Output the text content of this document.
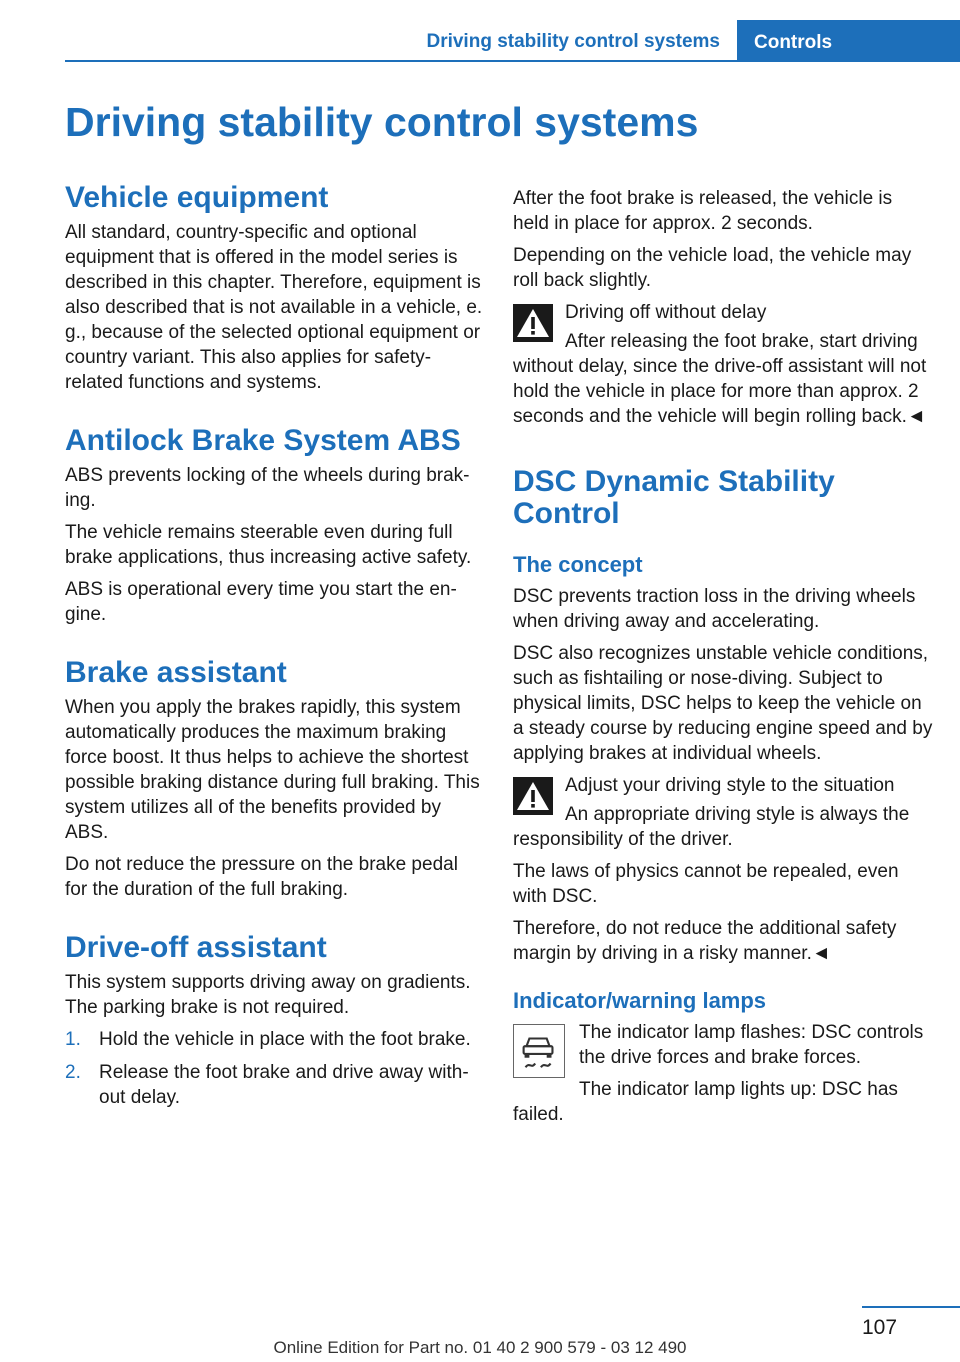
Driving stability control systems	Controls
Driving stability control systems
Vehicle equipment

All standard, country-specific and optional equipment that is offered in the model series is described in this chapter. Therefore, equipment is also described that is not available in a vehicle, e. g., because of the selected optional equipment or country variant. This also applies for safety-related functions and systems.

Antilock Brake System ABS

ABS prevents locking of the wheels during braking.

The vehicle remains steerable even during full brake applications, thus increasing active safety.

ABS is operational every time you start the engine.

Brake assistant

When you apply the brakes rapidly, this system automatically produces the maximum braking force boost. It thus helps to achieve the shortest possible braking distance during full braking. This system utilizes all of the benefits provided by ABS.

Do not reduce the pressure on the brake pedal for the duration of the full braking.

Drive-off assistant

This system supports driving away on gradients. The parking brake is not required.

1. Hold the vehicle in place with the foot brake.
2. Release the foot brake and drive away without delay.

After the foot brake is released, the vehicle is held in place for approx. 2 seconds.

Depending on the vehicle load, the vehicle may roll back slightly.

Driving off without delay

After releasing the foot brake, start driving without delay, since the drive-off assistant will not hold the vehicle in place for more than approx. 2 seconds and the vehicle will begin rolling back.◄

DSC Dynamic Stability Control
The concept

DSC prevents traction loss in the driving wheels when driving away and accelerating.

DSC also recognizes unstable vehicle conditions, such as fishtailing or nose-diving. Subject to physical limits, DSC helps to keep the vehicle on a steady course by reducing engine speed and by applying brakes at individual wheels.

Adjust your driving style to the situation

An appropriate driving style is always the responsibility of the driver.

The laws of physics cannot be repealed, even with DSC.

Therefore, do not reduce the additional safety margin by driving in a risky manner.◄

Indicator/warning lamps

The indicator lamp flashes: DSC controls the drive forces and brake forces.

The indicator lamp lights up: DSC has failed.

107
Online Edition for Part no. 01 40 2 900 579 - 03 12 490
